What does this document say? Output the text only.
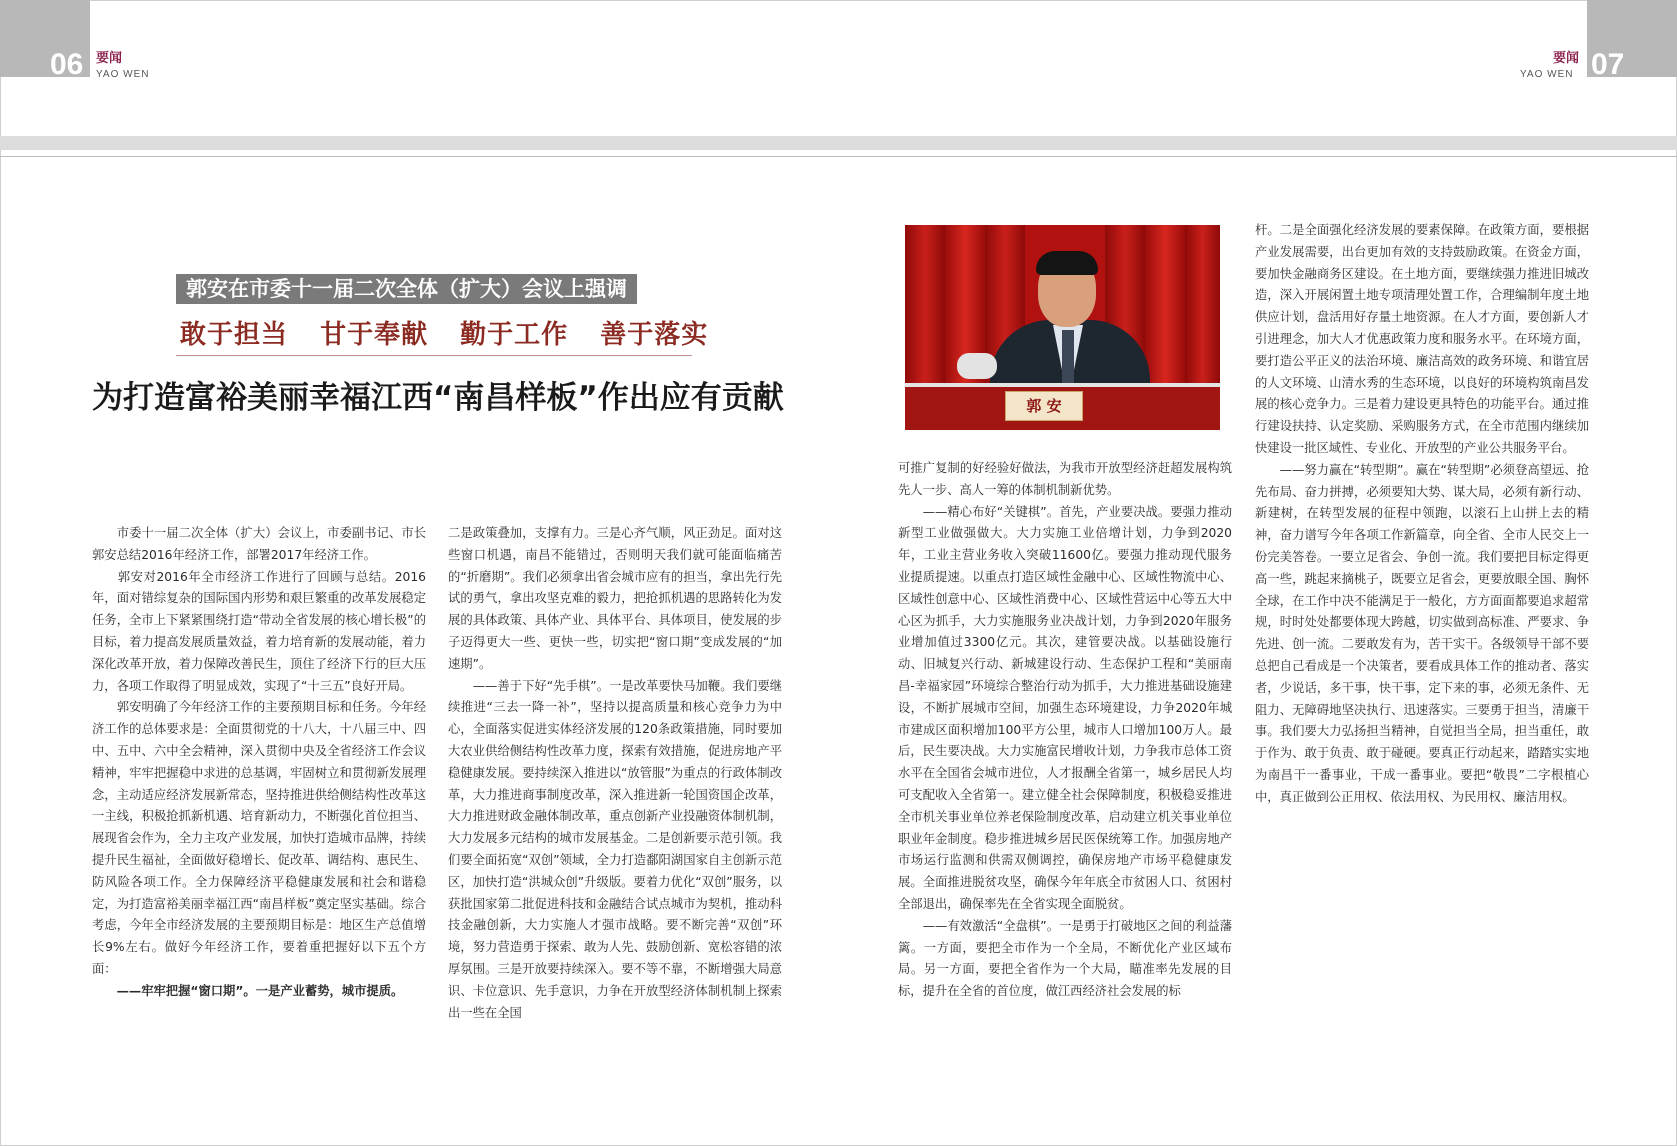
06 要闻
YAO WEN	07
要闻
YAO WEN
郭安在市委十一届二次全体（扩大）会议上强调
敢于担当 甘于奉献 勤于工作 善于落实
为打造富裕美丽幸福江西“南昌样板”作出应有贡献	郭 安

　　市委十一届二次全体（扩大）会议上，市委副书记、市长郭安总结2016年经济工作，部署2017年经济工作。

　　郭安对2016年全市经济工作进行了回顾与总结。2016年，面对错综复杂的国际国内形势和艰巨繁重的改革发展稳定任务，全市上下紧紧围绕打造“带动全省发展的核心增长极”的目标，着力提高发展质量效益，着力培育新的发展动能，着力深化改革开放，着力保障改善民生，顶住了经济下行的巨大压力，各项工作取得了明显成效，实现了“十三五”良好开局。

　　郭安明确了今年经济工作的主要预期目标和任务。今年经济工作的总体要求是：全面贯彻党的十八大，十八届三中、四中、五中、六中全会精神，深入贯彻中央及全省经济工作会议精神，牢牢把握稳中求进的总基调，牢固树立和贯彻新发展理念，主动适应经济发展新常态，坚持推进供给侧结构性改革这一主线，积极抢抓新机遇、培育新动力，不断强化首位担当、展现省会作为，全力主攻产业发展，加快打造城市品牌，持续提升民生福祉，全面做好稳增长、促改革、调结构、惠民生、防风险各项工作。全力保障经济平稳健康发展和社会和谐稳定，为打造富裕美丽幸福江西“南昌样板”奠定坚实基础。综合考虑，今年全市经济发展的主要预期目标是：地区生产总值增长9%左右。做好今年经济工作，要着重把握好以下五个方面：

　　——牢牢把握“窗口期”。一是产业蓄势，城市提质。

二是政策叠加，支撑有力。三是心齐气顺，风正劲足。面对这些窗口机遇，南昌不能错过，否则明天我们就可能面临痛苦的“折磨期”。我们必须拿出省会城市应有的担当，拿出先行先试的勇气，拿出攻坚克难的毅力，把抢抓机遇的思路转化为发展的具体政策、具体产业、具体平台、具体项目，使发展的步子迈得更大一些、更快一些，切实把“窗口期”变成发展的“加速期”。

　　——善于下好“先手棋”。一是改革要快马加鞭。我们要继续推进“三去一降一补”，坚持以提高质量和核心竞争力为中心，全面落实促进实体经济发展的120条政策措施，同时要加大农业供给侧结构性改革力度，探索有效措施，促进房地产平稳健康发展。要持续深入推进以“放管服”为重点的行政体制改革，大力推进商事制度改革，深入推进新一轮国资国企改革，大力推进财政金融体制改革，重点创新产业投融资体制机制，大力发展多元结构的城市发展基金。二是创新要示范引领。我们要全面拓宽“双创”领域，全力打造鄱阳湖国家自主创新示范区，加快打造“洪城众创”升级版。要着力优化“双创”服务，以获批国家第二批促进科技和金融结合试点城市为契机，推动科技金融创新，大力实施人才强市战略。要不断完善“双创”环境，努力营造勇于探索、敢为人先、鼓励创新、宽松容错的浓厚氛围。三是开放要持续深入。要不等不靠，不断增强大局意识、卡位意识、先手意识，力争在开放型经济体制机制上探索出一些在全国

可推广复制的好经验好做法，为我市开放型经济赶超发展构筑先人一步、高人一筹的体制机制新优势。

　　——精心布好“关键棋”。首先，产业要决战。要强力推动新型工业做强做大。大力实施工业倍增计划，力争到2020年，工业主营业务收入突破11600亿。要强力推动现代服务业提质提速。以重点打造区域性金融中心、区域性物流中心、区域性创意中心、区域性消费中心、区域性营运中心等五大中心区为抓手，大力实施服务业决战计划，力争到2020年服务业增加值过3300亿元。其次，建管要决战。以基础设施行动、旧城复兴行动、新城建设行动、生态保护工程和“美丽南昌-幸福家园”环境综合整治行动为抓手，大力推进基础设施建设，不断扩展城市空间，加强生态环境建设，力争2020年城市建成区面积增加100平方公里，城市人口增加100万人。最后，民生要决战。大力实施富民增收计划，力争我市总体工资水平在全国省会城市进位，人才报酬全省第一，城乡居民人均可支配收入全省第一。建立健全社会保障制度，积极稳妥推进全市机关事业单位养老保险制度改革，启动建立机关事业单位职业年金制度。稳步推进城乡居民医保统筹工作。加强房地产市场运行监测和供需双侧调控，确保房地产市场平稳健康发展。全面推进脱贫攻坚，确保今年年底全市贫困人口、贫困村全部退出，确保率先在全省实现全面脱贫。

　　——有效激活“全盘棋”。一是勇于打破地区之间的利益藩篱。一方面，要把全市作为一个全局，不断优化产业区域布局。另一方面，要把全省作为一个大局，瞄准率先发展的目标，提升在全省的首位度，做江西经济社会发展的标

杆。二是全面强化经济发展的要素保障。在政策方面，要根据产业发展需要，出台更加有效的支持鼓励政策。在资金方面，要加快金融商务区建设。在土地方面，要继续强力推进旧城改造，深入开展闲置土地专项清理处置工作，合理编制年度土地供应计划，盘活用好存量土地资源。在人才方面，要创新人才引进理念，加大人才优惠政策力度和服务水平。在环境方面，要打造公平正义的法治环境、廉洁高效的政务环境、和谐宜居的人文环境、山清水秀的生态环境，以良好的环境构筑南昌发展的核心竞争力。三是着力建设更具特色的功能平台。通过推行建设扶持、认定奖励、采购服务方式，在全市范围内继续加快建设一批区域性、专业化、开放型的产业公共服务平台。

　　——努力赢在“转型期”。赢在“转型期”必须登高望远、抢先布局、奋力拼搏，必须要知大势、谋大局，必须有新行动、新建树，在转型发展的征程中领跑，以滚石上山拼上去的精神，奋力谱写今年各项工作新篇章，向全省、全市人民交上一份完美答卷。一要立足省会、争创一流。我们要把目标定得更高一些，跳起来摘桃子，既要立足省会，更要放眼全国、胸怀全球，在工作中决不能满足于一般化，方方面面都要追求超常规，时时处处都要体现大跨越，切实做到高标准、严要求、争先进、创一流。二要敢发有为，苦干实干。各级领导干部不要总把自己看成是一个决策者，要看成具体工作的推动者、落实者，少说话，多干事，快干事，定下来的事，必须无条件、无阻力、无障碍地坚决执行、迅速落实。三要勇于担当，清廉干事。我们要大力弘扬担当精神，自觉担当全局，担当重任，敢于作为、敢于负责、敢于碰硬。要真正行动起来，踏踏实实地为南昌干一番事业，干成一番事业。要把“敬畏”二字根植心中，真正做到公正用权、依法用权、为民用权、廉洁用权。
